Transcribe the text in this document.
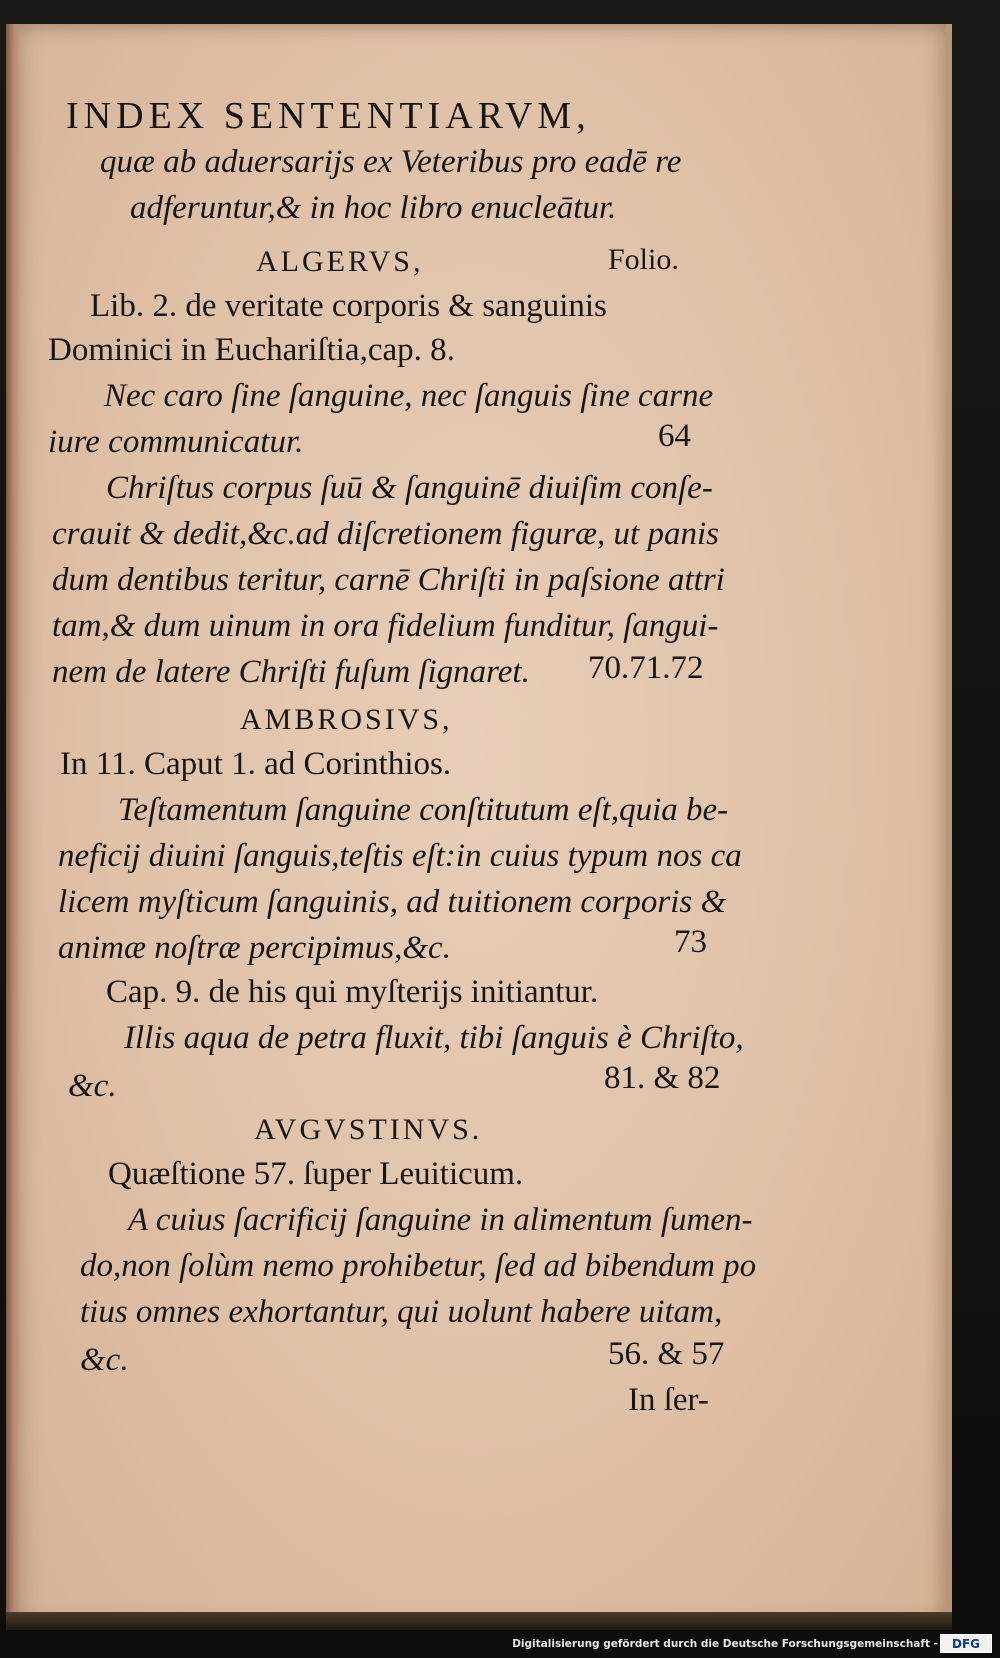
INDEX SENTENTIARVM,
quæ ab aduersarijs ex Veteribus pro eadē re
adferuntur,& in hoc libro enucleātur.
ALGERVS,	Folio.
Lib. 2. de veritate corporis & sanguinis
Dominici in Euchariſtia,cap. 8.
Nec caro ſine ſanguine, nec ſanguis ſine carne
iure communicatur.	64
Chriſtus corpus ſuū & ſanguinē diuiſim conſe-
crauit & dedit,&c.ad diſcretionem figuræ, ut panis
dum dentibus teritur, carnē Chriſti in paſsione attri
tam,& dum uinum in ora fidelium funditur, ſangui-
nem de latere Chriſti fuſum ſignaret. 70.71.72
AMBROSIVS,
In 11. Caput 1. ad Corinthios.
Teſtamentum ſanguine conſtitutum eſt,quia be-
neficij diuini ſanguis,teſtis eſt:in cuius typum nos ca
licem myſticum ſanguinis, ad tuitionem corporis &
animæ noſtræ percipimus,&c.	73
Cap. 9. de his qui myſterijs initiantur.
Illis aqua de petra fluxit, tibi ſanguis è Chriſto,
&c.	81. & 82
AVGVSTINVS.
Quæſtione 57. ſuper Leuiticum.
A cuius ſacrificij ſanguine in alimentum ſumen-
do,non ſolùm nemo prohibetur, ſed ad bibendum po
tius omnes exhortantur, qui uolunt habere uitam,
&c.	56. & 57
In ſer-
Digitalisierung gefördert durch die Deutsche Forschungsgemeinschaft -	DFG
